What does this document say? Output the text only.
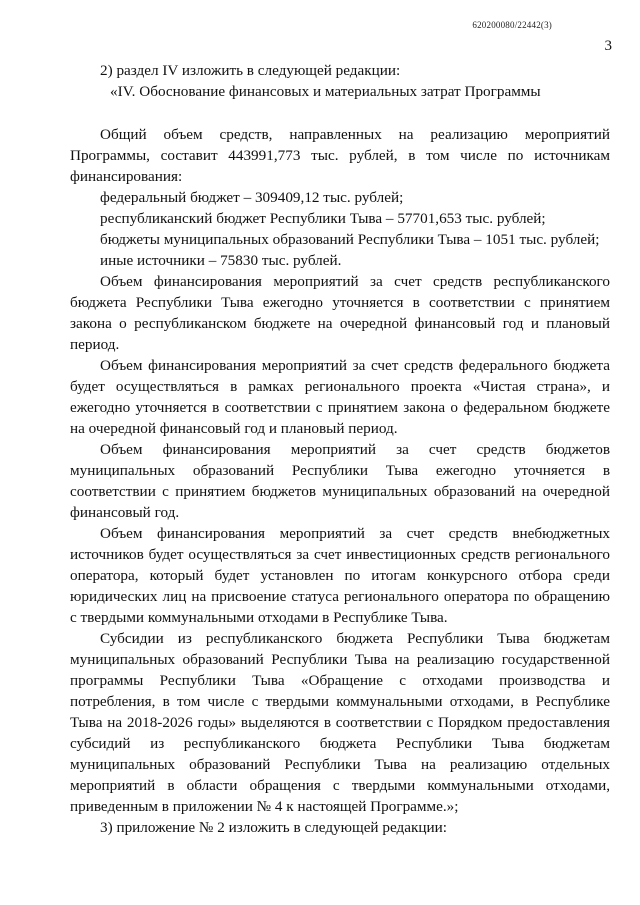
620200080/22442(3)
3

2) раздел IV изложить в следующей редакции:

«IV. Обоснование финансовых и материальных затрат Программы

Общий объем средств, направленных на реализацию мероприятий Программы, составит 443991,773 тыс. рублей, в том числе по источникам финансирования:

федеральный бюджет – 309409,12 тыс. рублей;

республиканский бюджет Республики Тыва – 57701,653 тыс. рублей;

бюджеты муниципальных образований Республики Тыва – 1051 тыс. рублей;

иные источники – 75830 тыс. рублей.

Объем финансирования мероприятий за счет средств республиканского бюджета Республики Тыва ежегодно уточняется в соответствии с принятием закона о республиканском бюджете на очередной финансовый год и плановый период.

Объем финансирования мероприятий за счет средств федерального бюджета будет осуществляться в рамках регионального проекта «Чистая страна», и ежегодно уточняется в соответствии с принятием закона о федеральном бюджете на очередной финансовый год и плановый период.

Объем финансирования мероприятий за счет средств бюджетов муниципальных образований Республики Тыва ежегодно уточняется в соответствии с принятием бюджетов муниципальных образований на очередной финансовый год.

Объем финансирования мероприятий за счет средств внебюджетных источников будет осуществляться за счет инвестиционных средств регионального оператора, который будет установлен по итогам конкурсного отбора среди юридических лиц на присвоение статуса регионального оператора по обращению с твердыми коммунальными отходами в Республике Тыва.

Субсидии из республиканского бюджета Республики Тыва бюджетам муниципальных образований Республики Тыва на реализацию государственной программы Республики Тыва «Обращение с отходами производства и потребления, в том числе с твердыми коммунальными отходами, в Республике Тыва на 2018-2026 годы» выделяются в соответствии с Порядком предоставления субсидий из республиканского бюджета Республики Тыва бюджетам муниципальных образований Республики Тыва на реализацию отдельных мероприятий в области обращения с твердыми коммунальными отходами, приведенным в приложении № 4 к настоящей Программе.»;

3) приложение № 2 изложить в следующей редакции:
